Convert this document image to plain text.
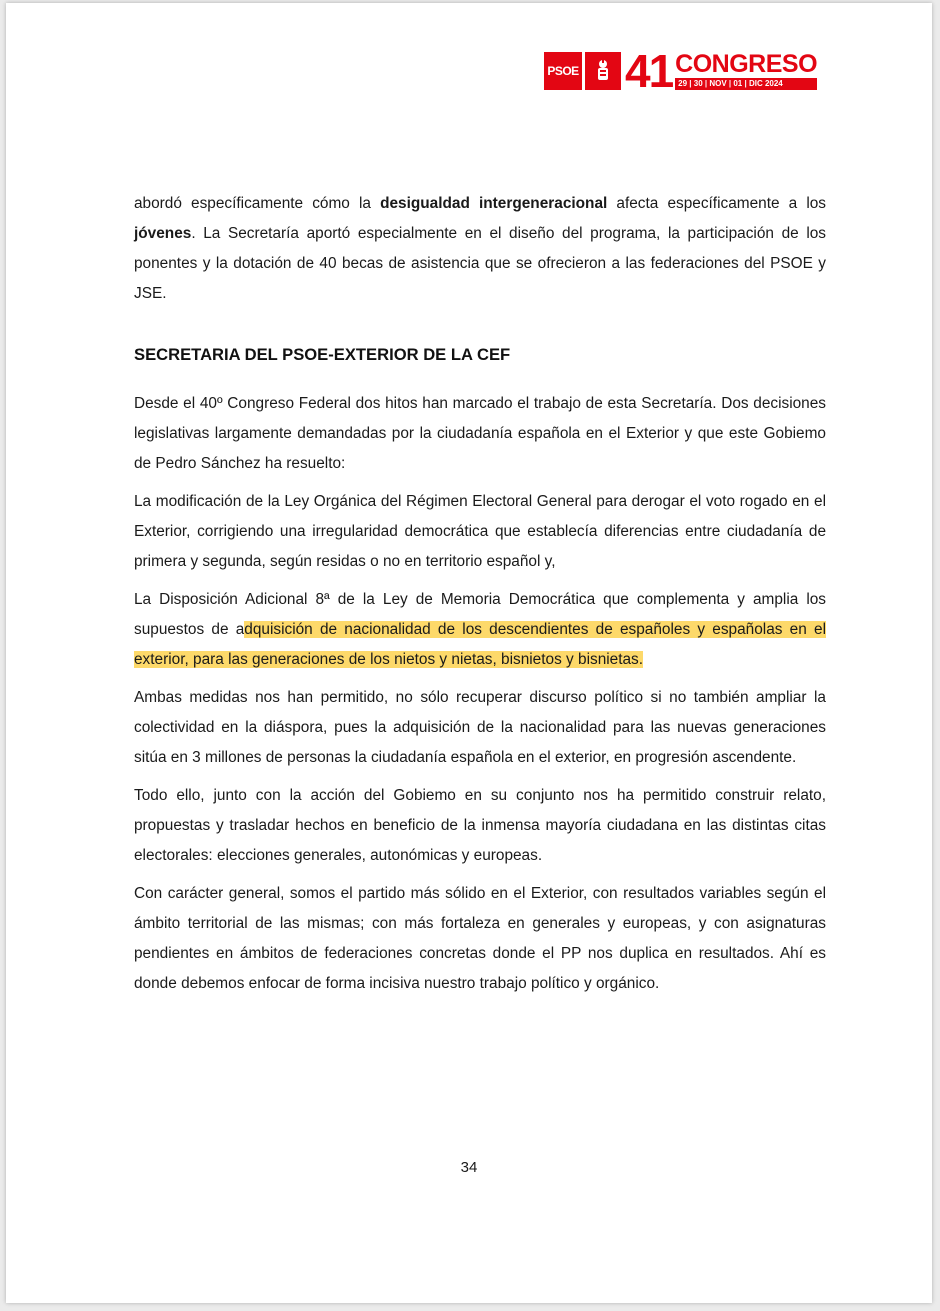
PSOE 41 CONGRESO
29 | 30 | NOV | 01 | DIC 2024

abordó específicamente cómo la desigualdad intergeneracional afecta específicamente a los jóvenes. La Secretaría aportó especialmente en el diseño del programa, la participación de los ponentes y la dotación de 40 becas de asistencia que se ofrecieron a las federaciones del PSOE y JSE.

SECRETARIA DEL PSOE-EXTERIOR DE LA CEF

Desde el 40º Congreso Federal dos hitos han marcado el trabajo de esta Secretaría. Dos decisiones legislativas largamente demandadas por la ciudadanía española en el Exterior y que este Gobiemo de Pedro Sánchez ha resuelto:

La modificación de la Ley Orgánica del Régimen Electoral General para derogar el voto rogado en el Exterior, corrigiendo una irregularidad democrática que establecía diferencias entre ciudadanía de primera y segunda, según residas o no en territorio español y,

La Disposición Adicional 8ª de la Ley de Memoria Democrática que complementa y amplia los supuestos de adquisición de nacionalidad de los descendientes de españoles y españolas en el exterior, para las generaciones de los nietos y nietas, bisnietos y bisnietas.

Ambas medidas nos han permitido, no sólo recuperar discurso político si no también ampliar la colectividad en la diáspora, pues la adquisición de la nacionalidad para las nuevas generaciones sitúa en 3 millones de personas la ciudadanía española en el exterior, en progresión ascendente.

Todo ello, junto con la acción del Gobiemo en su conjunto nos ha permitido construir relato, propuestas y trasladar hechos en beneficio de la inmensa mayoría ciudadana en las distintas citas electorales: elecciones generales, autonómicas y europeas.

Con carácter general, somos el partido más sólido en el Exterior, con resultados variables según el ámbito territorial de las mismas; con más fortaleza en generales y europeas, y con asignaturas pendientes en ámbitos de federaciones concretas donde el PP nos duplica en resultados. Ahí es donde debemos enfocar de forma incisiva nuestro trabajo político y orgánico.

34
